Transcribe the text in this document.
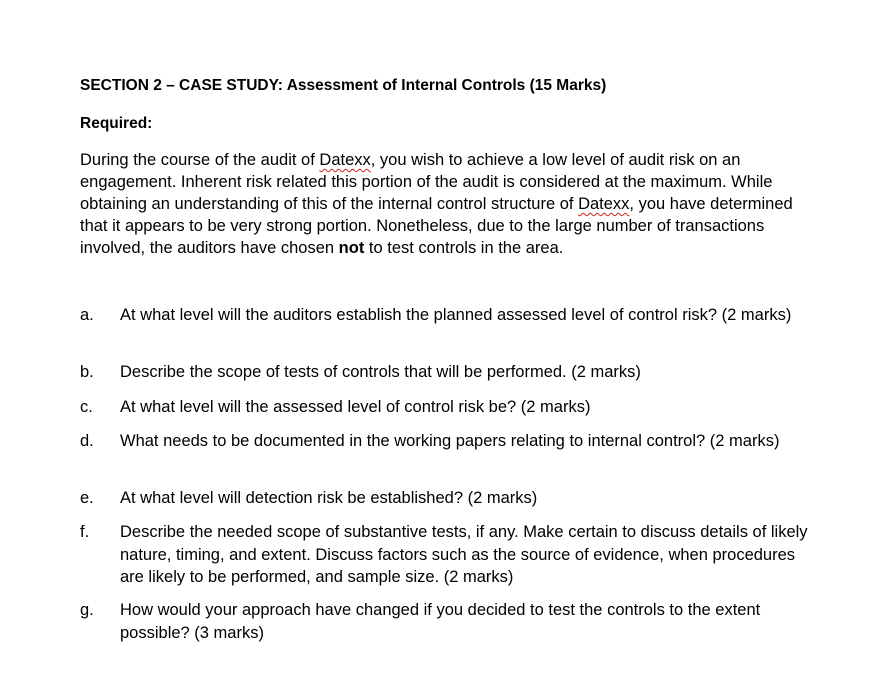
SECTION 2 – CASE STUDY: Assessment of Internal Controls (15 Marks)
Required:
During the course of the audit of Datexx, you wish to achieve a low level of audit risk on an engagement. Inherent risk related this portion of the audit is considered at the maximum. While obtaining an understanding of this of the internal control structure of Datexx, you have determined that it appears to be very strong portion. Nonetheless, due to the large number of transactions involved, the auditors have chosen not to test controls in the area.
a.	At what level will the auditors establish the planned assessed level of control risk? (2 marks)
b.	Describe the scope of tests of controls that will be performed. (2 marks)
c.	At what level will the assessed level of control risk be? (2 marks)
d.	What needs to be documented in the working papers relating to internal control? (2 marks)
e.	At what level will detection risk be established? (2 marks)
f.	Describe the needed scope of substantive tests, if any. Make certain to discuss details of likely nature, timing, and extent. Discuss factors such as the source of evidence, when procedures are likely to be performed, and sample size. (2 marks)
g.	How would your approach have changed if you decided to test the controls to the extent possible? (3 marks)
